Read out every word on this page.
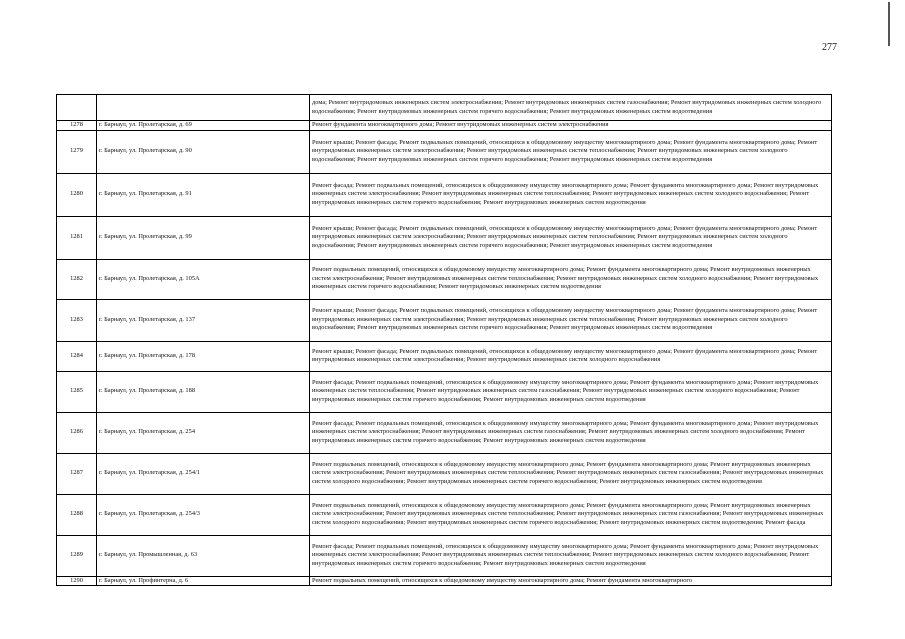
277
		дома; Ремонт внутридомовых инженерных систем электроснабжения; Ремонт внутридомовых инженерных систем газоснабжения; Ремонт внутридомовых инженерных систем холодного водоснабжения; Ремонт внутридомовых инженерных систем горячего водоснабжения; Ремонт внутридомовых инженерных систем водоотведения
1278	г. Барнаул, ул. Пролетарская, д. 69	Ремонт фундамента многоквартирного дома; Ремонт внутридомовых инженерных систем электроснабжения
1279	г. Барнаул, ул. Пролетарская, д. 90	Ремонт крыши; Ремонт фасада; Ремонт подвальных помещений, относящихся к общедомовому имуществу многоквартирного дома; Ремонт фундамента многоквартирного дома; Ремонт внутридомовых инженерных систем электроснабжения; Ремонт внутридомовых инженерных систем теплоснабжения; Ремонт внутридомовых инженерных систем холодного водоснабжения; Ремонт внутридомовых инженерных систем горячего водоснабжения; Ремонт внутридомовых инженерных систем водоотведения
1280	г. Барнаул, ул. Пролетарская, д. 91	Ремонт фасада; Ремонт подвальных помещений, относящихся к общедомовому имуществу многоквартирного дома; Ремонт фундамента многоквартирного дома; Ремонт внутридомовых инженерных систем электроснабжения; Ремонт внутридомовых инженерных систем теплоснабжения; Ремонт внутридомовых инженерных систем холодного водоснабжения; Ремонт внутридомовых инженерных систем горячего водоснабжения; Ремонт внутридомовых инженерных систем водоотведения
1281	г. Барнаул, ул. Пролетарская, д. 99	Ремонт крыши; Ремонт фасада; Ремонт подвальных помещений, относящихся к общедомовому имуществу многоквартирного дома; Ремонт фундамента многоквартирного дома; Ремонт внутридомовых инженерных систем электроснабжения; Ремонт внутридомовых инженерных систем теплоснабжения; Ремонт внутридомовых инженерных систем холодного водоснабжения; Ремонт внутридомовых инженерных систем горячего водоснабжения; Ремонт внутридомовых инженерных систем водоотведения
1282	г. Барнаул, ул. Пролетарская, д. 105А	Ремонт подвальных помещений, относящихся к общедомовому имуществу многоквартирного дома; Ремонт фундамента многоквартирного дома; Ремонт внутридомовых инженерных систем электроснабжения; Ремонт внутридомовых инженерных систем теплоснабжения; Ремонт внутридомовых инженерных систем холодного водоснабжения; Ремонт внутридомовых инженерных систем горячего водоснабжения; Ремонт внутридомовых инженерных систем водоотведения
1283	г. Барнаул, ул. Пролетарская, д. 137	Ремонт крыши; Ремонт фасада; Ремонт подвальных помещений, относящихся к общедомовому имуществу многоквартирного дома; Ремонт фундамента многоквартирного дома; Ремонт внутридомовых инженерных систем электроснабжения; Ремонт внутридомовых инженерных систем теплоснабжения; Ремонт внутридомовых инженерных систем холодного водоснабжения; Ремонт внутридомовых инженерных систем горячего водоснабжения; Ремонт внутридомовых инженерных систем водоотведения
1284	г. Барнаул, ул. Пролетарская, д. 178	Ремонт крыши; Ремонт фасада; Ремонт подвальных помещений, относящихся к общедомовому имуществу многоквартирного дома; Ремонт фундамента многоквартирного дома; Ремонт внутридомовых инженерных систем электроснабжения; Ремонт внутридомовых инженерных систем холодного водоснабжения
1285	г. Барнаул, ул. Пролетарская, д. 188	Ремонт фасада; Ремонт подвальных помещений, относящихся к общедомовому имуществу многоквартирного дома; Ремонт фундамента многоквартирного дома; Ремонт внутридомовых инженерных систем теплоснабжения; Ремонт внутридомовых инженерных систем газоснабжения; Ремонт внутридомовых инженерных систем холодного водоснабжения; Ремонт внутридомовых инженерных систем горячего водоснабжения; Ремонт внутридомовых инженерных систем водоотведения
1286	г. Барнаул, ул. Пролетарская, д. 254	Ремонт фасада; Ремонт подвальных помещений, относящихся к общедомовому имуществу многоквартирного дома; Ремонт фундамента многоквартирного дома; Ремонт внутридомовых инженерных систем электроснабжения; Ремонт внутридомовых инженерных систем газоснабжения; Ремонт внутридомовых инженерных систем холодного водоснабжения; Ремонт внутридомовых инженерных систем горячего водоснабжения; Ремонт внутридомовых инженерных систем водоотведения
1287	г. Барнаул, ул. Пролетарская, д. 254/1	Ремонт подвальных помещений, относящихся к общедомовому имуществу многоквартирного дома; Ремонт фундамента многоквартирного дома; Ремонт внутридомовых инженерных систем электроснабжения; Ремонт внутридомовых инженерных систем теплоснабжения; Ремонт внутридомовых инженерных систем газоснабжения; Ремонт внутридомовых инженерных систем холодного водоснабжения; Ремонт внутридомовых инженерных систем горячего водоснабжения; Ремонт внутридомовых инженерных систем водоотведения
1288	г. Барнаул, ул. Пролетарская, д. 254/3	Ремонт подвальных помещений, относящихся к общедомовому имуществу многоквартирного дома; Ремонт фундамента многоквартирного дома; Ремонт внутридомовых инженерных систем электроснабжения; Ремонт внутридомовых инженерных систем теплоснабжения; Ремонт внутридомовых инженерных систем газоснабжения; Ремонт внутридомовых инженерных систем холодного водоснабжения; Ремонт внутридомовых инженерных систем горячего водоснабжения; Ремонт внутридомовых инженерных систем водоотведения; Ремонт фасада
1289	г. Барнаул, ул. Промышленная, д. 63	Ремонт фасада; Ремонт подвальных помещений, относящихся к общедомовому имуществу многоквартирного дома; Ремонт фундамента многоквартирного дома; Ремонт внутридомовых инженерных систем электроснабжения; Ремонт внутридомовых инженерных систем теплоснабжения; Ремонт внутридомовых инженерных систем холодного водоснабжения; Ремонт внутридомовых инженерных систем горячего водоснабжения; Ремонт внутридомовых инженерных систем водоотведения
1290	г. Барнаул, ул. Профинтерна, д. 6	Ремонт подвальных помещений, относящихся к общедомовому имуществу многоквартирного дома; Ремонт фундамента многоквартирного
